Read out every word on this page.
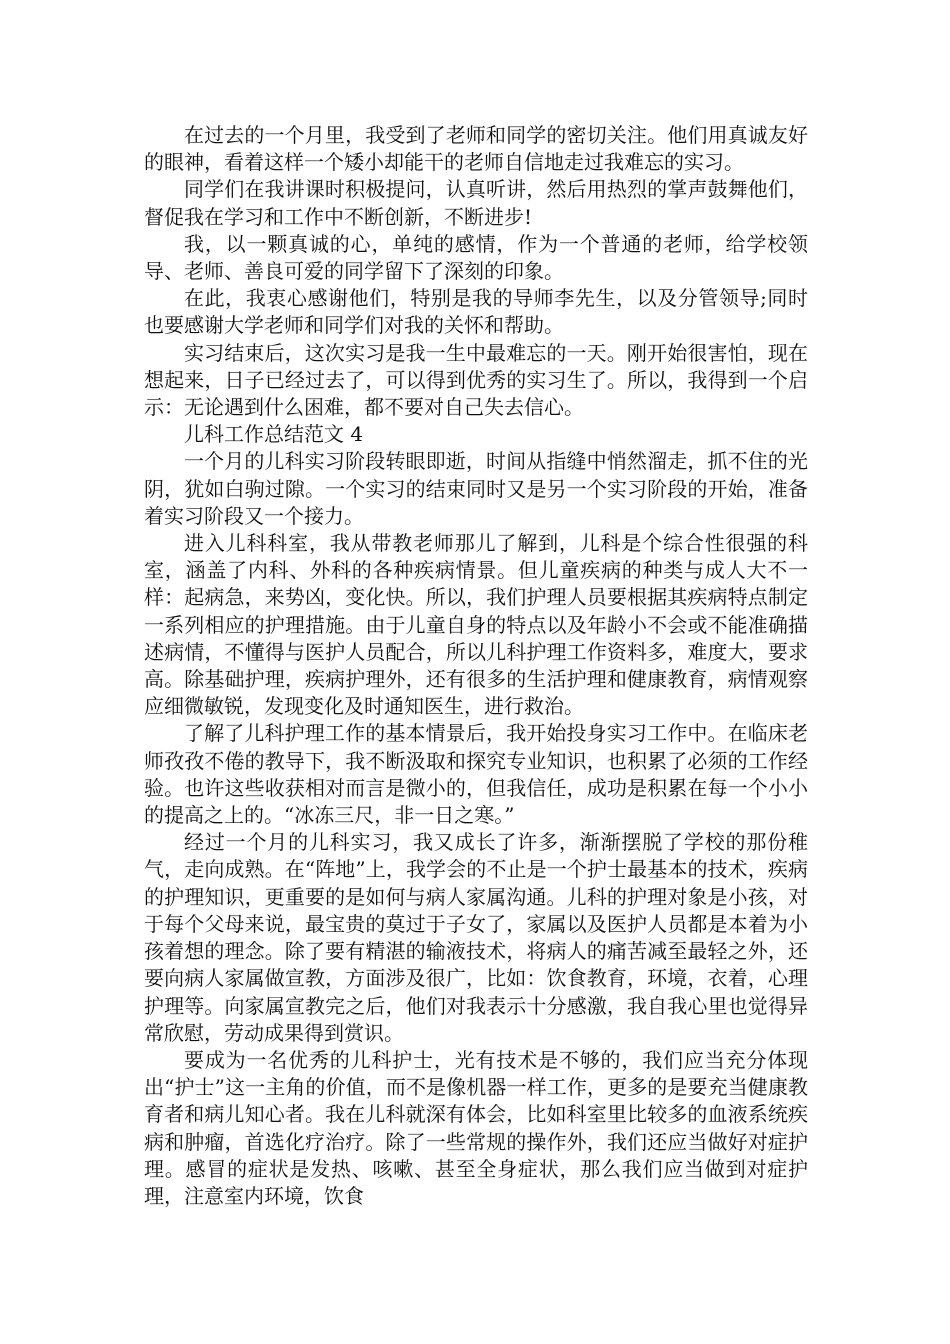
在过去的一个月里，我受到了老师和同学的密切关注。他们用真诚友好的眼神，看着这样一个矮小却能干的老师自信地走过我难忘的实习。

同学们在我讲课时积极提问，认真听讲，然后用热烈的掌声鼓舞他们，督促我在学习和工作中不断创新，不断进步!

我，以一颗真诚的心，单纯的感情，作为一个普通的老师，给学校领导、老师、善良可爱的同学留下了深刻的印象。

在此，我衷心感谢他们，特别是我的导师李先生，以及分管领导;同时也要感谢大学老师和同学们对我的关怀和帮助。

实习结束后，这次实习是我一生中最难忘的一天。刚开始很害怕，现在想起来，日子已经过去了，可以得到优秀的实习生了。所以，我得到一个启示：无论遇到什么困难，都不要对自己失去信心。

儿科工作总结范文 4

一个月的儿科实习阶段转眼即逝，时间从指缝中悄然溜走，抓不住的光阴，犹如白驹过隙。一个实习的结束同时又是另一个实习阶段的开始，准备着实习阶段又一个接力。

进入儿科科室，我从带教老师那儿了解到，儿科是个综合性很强的科室，涵盖了内科、外科的各种疾病情景。但儿童疾病的种类与成人大不一样：起病急，来势凶，变化快。所以，我们护理人员要根据其疾病特点制定一系列相应的护理措施。由于儿童自身的特点以及年龄小不会或不能准确描述病情，不懂得与医护人员配合，所以儿科护理工作资料多，难度大，要求高。除基础护理，疾病护理外，还有很多的生活护理和健康教育，病情观察应细微敏锐，发现变化及时通知医生，进行救治。

了解了儿科护理工作的基本情景后，我开始投身实习工作中。在临床老师孜孜不倦的教导下，我不断汲取和探究专业知识，也积累了必须的工作经验。也许这些收获相对而言是微小的，但我信任，成功是积累在每一个小小的提高之上的。“冰冻三尺，非一日之寒。”

经过一个月的儿科实习，我又成长了许多，渐渐摆脱了学校的那份稚气，走向成熟。在“阵地”上，我学会的不止是一个护士最基本的技术，疾病的护理知识，更重要的是如何与病人家属沟通。儿科的护理对象是小孩，对于每个父母来说，最宝贵的莫过于子女了，家属以及医护人员都是本着为小孩着想的理念。除了要有精湛的输液技术，将病人的痛苦减至最轻之外，还要向病人家属做宣教，方面涉及很广，比如：饮食教育，环境，衣着，心理护理等。向家属宣教完之后，他们对我表示十分感激，我自我心里也觉得异常欣慰，劳动成果得到赏识。

要成为一名优秀的儿科护士，光有技术是不够的，我们应当充分体现出“护士”这一主角的价值，而不是像机器一样工作，更多的是要充当健康教育者和病儿知心者。我在儿科就深有体会，比如科室里比较多的血液系统疾病和肿瘤，首选化疗治疗。除了一些常规的操作外，我们还应当做好对症护理。感冒的症状是发热、咳嗽、甚至全身症状，那么我们应当做到对症护理，注意室内环境，饮食
